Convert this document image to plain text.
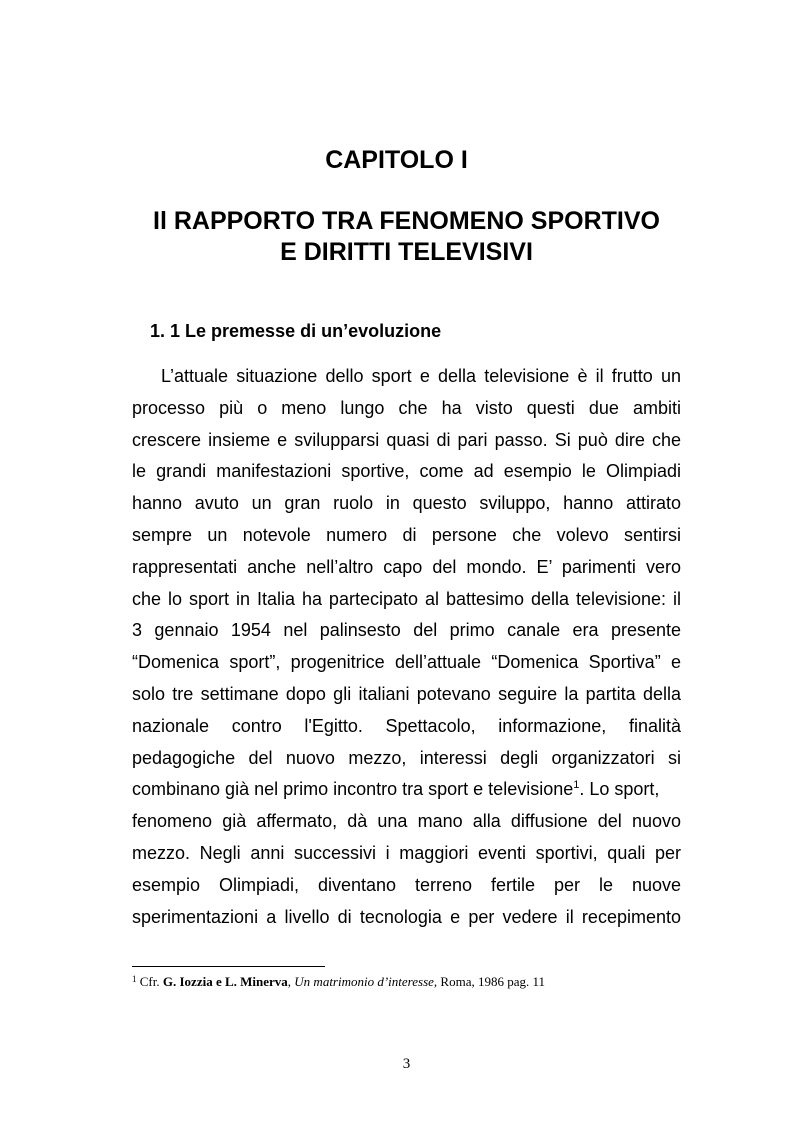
CAPITOLO I
Il RAPPORTO TRA FENOMENO SPORTIVO
E DIRITTI TELEVISIVI
1. 1 Le premesse di un’evoluzione
L’attuale situazione dello sport e della televisione è il frutto un
processo più o meno lungo che ha visto questi due ambiti
crescere insieme e svilupparsi quasi di pari passo. Si può dire che
le grandi manifestazioni sportive, come ad esempio le Olimpiadi
hanno avuto un gran ruolo in questo sviluppo, hanno attirato
sempre un notevole numero di persone che volevo sentirsi
rappresentati anche nell’altro capo del mondo. E’ parimenti vero
che lo sport in Italia ha partecipato al battesimo della televisione: il
3 gennaio 1954 nel palinsesto del primo canale era presente
“Domenica sport”, progenitrice dell’attuale “Domenica Sportiva” e
solo tre settimane dopo gli italiani potevano seguire la partita della
nazionale contro l'Egitto. Spettacolo, informazione, finalità
pedagogiche del nuovo mezzo, interessi degli organizzatori si
combinano già nel primo incontro tra sport e televisione$^1$. Lo sport,
fenomeno già affermato, dà una mano alla diffusione del nuovo
mezzo. Negli anni successivi i maggiori eventi sportivi, quali per
esempio Olimpiadi, diventano terreno fertile per le nuove
sperimentazioni a livello di tecnologia e per vedere il recepimento
$^1$ Cfr. G. Iozzia e L. Minerva, Un matrimonio d’interesse, Roma, 1986 pag. 11
3
